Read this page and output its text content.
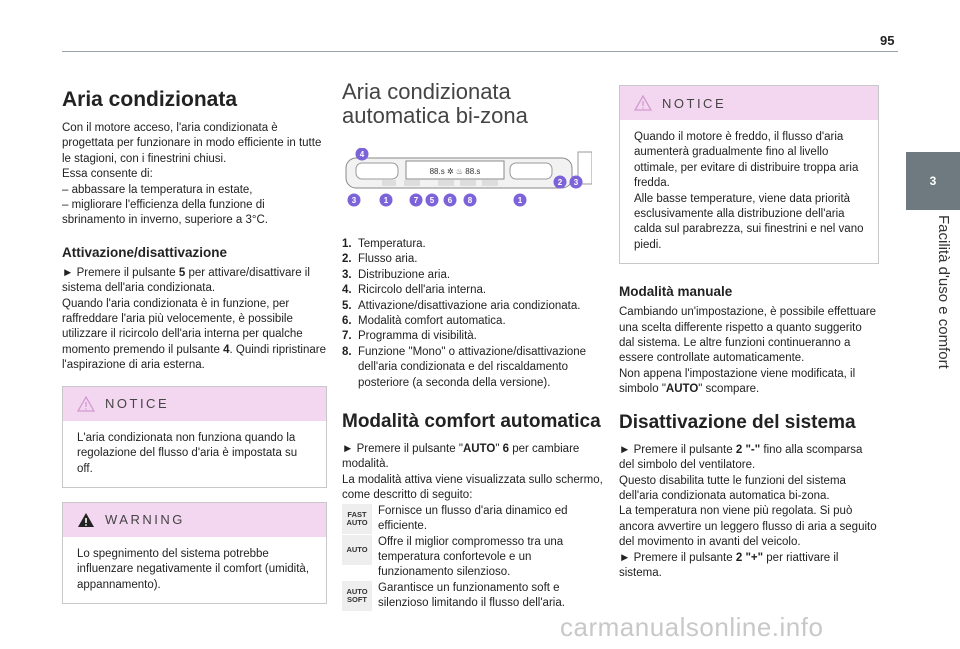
95
3
Facilità d'uso e comfort
Aria condizionata

Con il motore acceso, l'aria condizionata è progettata per funzionare in modo efficiente in tutte le stagioni, con i finestrini chiusi.

Essa consente di:

– abbassare la temperatura in estate,

– migliorare l'efficienza della funzione di sbrinamento in inverno, superiore a 3°C.

Attivazione/disattivazione

► Premere il pulsante 5 per attivare/disattivare il sistema dell'aria condizionata.

Quando l'aria condizionata è in funzione, per raffreddare l'aria più velocemente, è possibile utilizzare il ricircolo dell'aria interna per qualche momento premendo il pulsante 4. Quindi ripristinare l'aspirazione di aria esterna.

NOTICE

L'aria condizionata non funziona quando la regolazione del flusso d'aria è impostata su off.

WARNING

Lo spegnimento del sistema potrebbe influenzare negativamente il comfort (umidità, appannamento).

Aria condizionata
automatica bi-zona
88.s ✲ ♨ 88.s
4
3	1	7 5 6 8	1
2 3
1. Temperatura.
2. Flusso aria.
3. Distribuzione aria.
4. Ricircolo dell'aria interna.
5. Attivazione/disattivazione aria condizionata.
6. Modalità comfort automatica.
7. Programma di visibilità.
8. Funzione "Mono" o attivazione/disattivazione dell'aria condizionata e del riscaldamento posteriore (a seconda della versione).
Modalità comfort automatica

► Premere il pulsante "AUTO" 6 per cambiare modalità.

La modalità attiva viene visualizzata sullo schermo, come descritto di seguito:

FAST
AUTO

Fornisce un flusso d'aria dinamico ed efficiente.

AUTO

Offre il miglior compromesso tra una temperatura confortevole e un funzionamento silenzioso.

AUTO
SOFT

Garantisce un funzionamento soft e silenzioso limitando il flusso dell'aria.

NOTICE

Quando il motore è freddo, il flusso d'aria aumenterà gradualmente fino al livello ottimale, per evitare di distribuire troppa aria fredda.

Alle basse temperature, viene data priorità esclusivamente alla distribuzione dell'aria calda sul parabrezza, sui finestrini e nel vano piedi.

Modalità manuale

Cambiando un'impostazione, è possibile effettuare una scelta differente rispetto a quanto suggerito dal sistema. Le altre funzioni continueranno a essere controllate automaticamente.

Non appena l'impostazione viene modificata, il simbolo "AUTO" scompare.

Disattivazione del sistema

► Premere il pulsante 2 "-" fino alla scomparsa del simbolo del ventilatore.

Questo disabilita tutte le funzioni del sistema dell'aria condizionata automatica bi-zona.

La temperatura non viene più regolata. Si può ancora avvertire un leggero flusso di aria a seguito del movimento in avanti del veicolo.

► Premere il pulsante 2 "+" per riattivare il sistema.

carmanualsonline.info
